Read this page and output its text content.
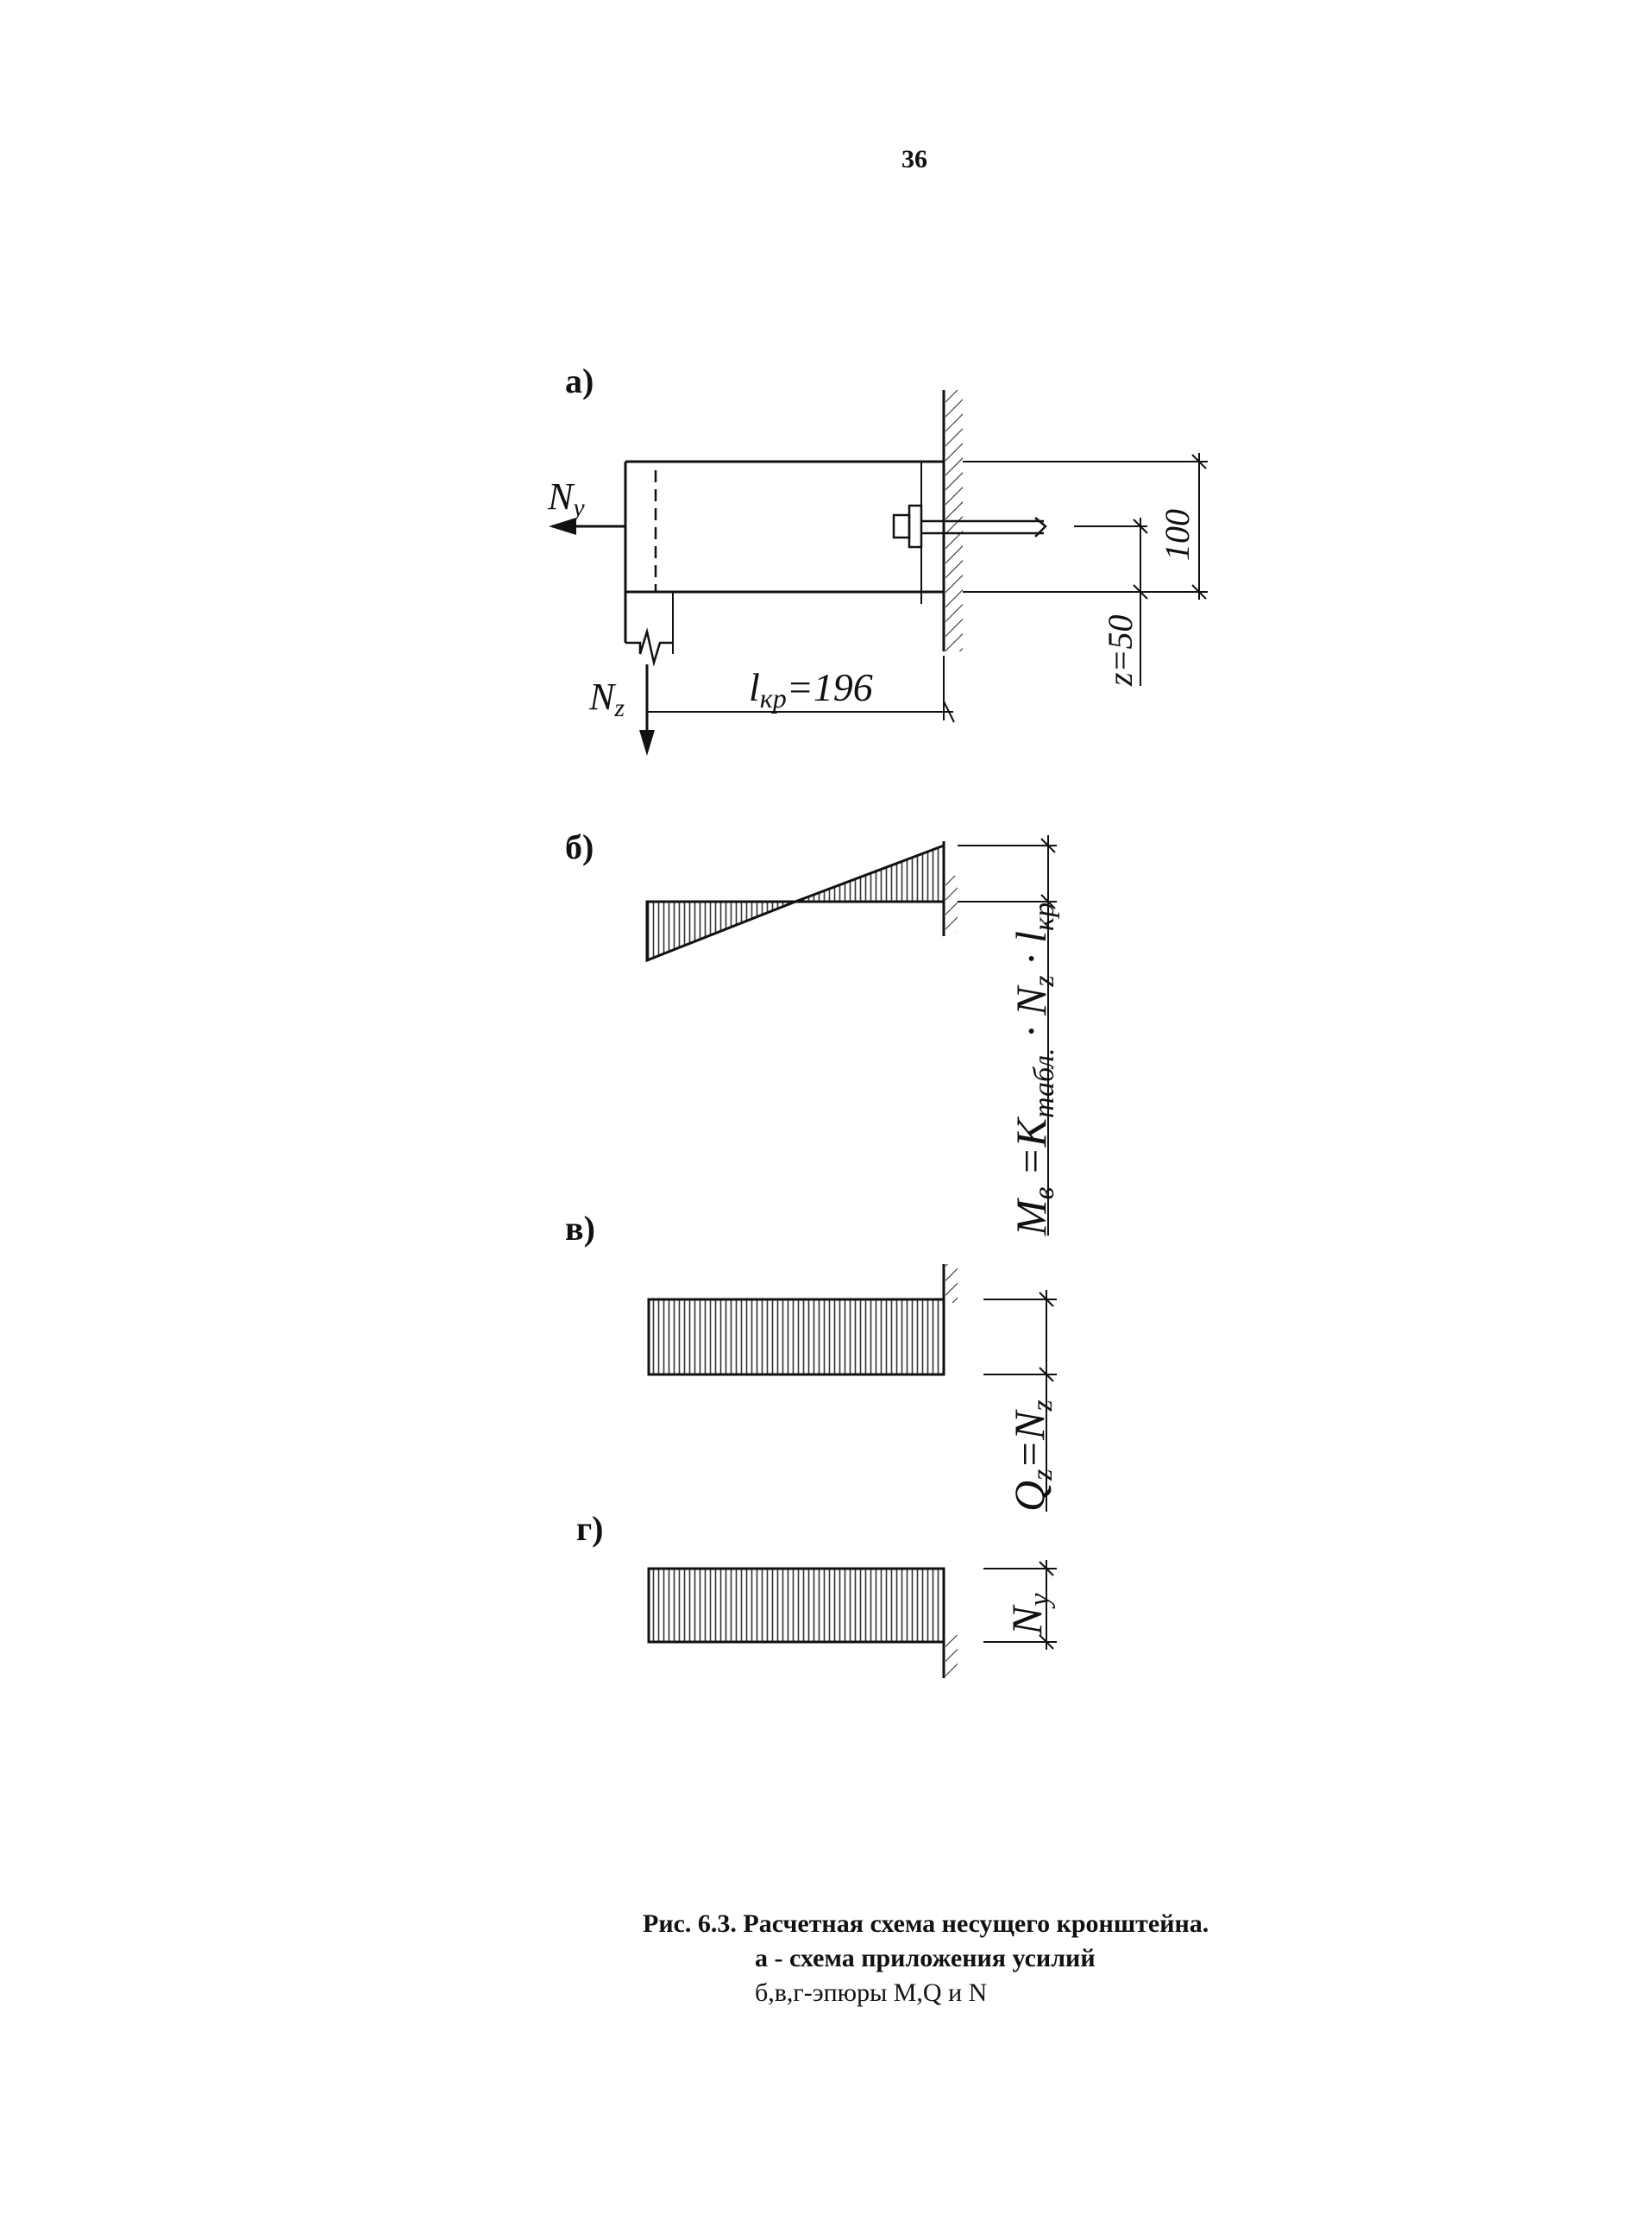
36
а)
б)
в)
г)
Ny
Nz	lкр=196
100
z=50
Mв =Kтабл. · Nz · lкр
Qz=Nz
Ny
Рис. 6.3. Расчетная схема несущего кронштейна.
а - схема приложения усилий
б,в,г-эпюры М,Q и N
